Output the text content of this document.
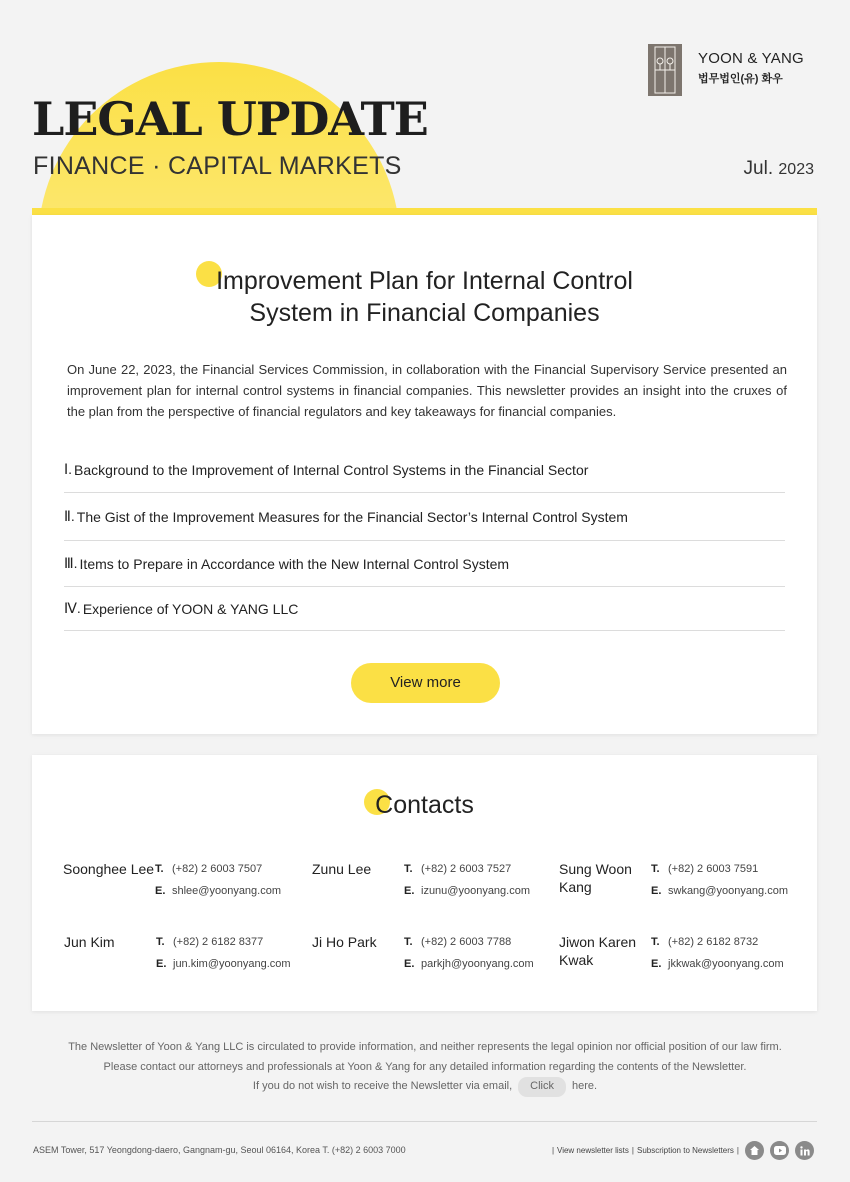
LEGAL UPDATE
FINANCE · CAPITAL MARKETS	Jul. 2023
YOON & YANG
법무법인(유) 화우
Improvement Plan for Internal Control
System in Financial Companies

On June 22, 2023, the Financial Services Commission, in collaboration with the Financial Supervisory Service presented an improvement plan for internal control systems in financial companies. This newsletter provides an insight into the cruxes of the plan from the perspective of financial regulators and key takeaways for financial companies.

Ⅰ. Background to the Improvement of Internal Control Systems in the Financial Sector
Ⅱ. The Gist of the Improvement Measures for the Financial Sector’s Internal Control System
Ⅲ. Items to Prepare in Accordance with the New Internal Control System
Ⅳ. Experience of YOON & YANG LLC
View more
Contacts
Soonghee Lee T. (+82) 2 6003 7507
E. shlee@yoonyang.com
Zunu Lee	T. (+82) 2 6003 7527
E. izunu@yoonyang.com
Sung Woon Kang
T. (+82) 2 6003 7591
E. swkang@yoonyang.com
Jun Kim	T. (+82) 2 6182 8377
E. jun.kim@yoonyang.com
Ji Ho Park	T. (+82) 2 6003 7788
E. parkjh@yoonyang.com
Jiwon Karen Kwak
T. (+82) 2 6182 8732
E. jkkwak@yoonyang.com
The Newsletter of Yoon & Yang LLC is circulated to provide information, and neither represents the legal opinion nor official position of our law firm.
Please contact our attorneys and professionals at Yoon & Yang for any detailed information regarding the contents of the Newsletter.
If you do not wish to receive the Newsletter via email, Click here.
ASEM Tower, 517 Yeongdong-daero, Gangnam-gu, Seoul 06164, Korea T. (+82) 2 6003 7000	| View newsletter lists | Subscription to Newsletters |
